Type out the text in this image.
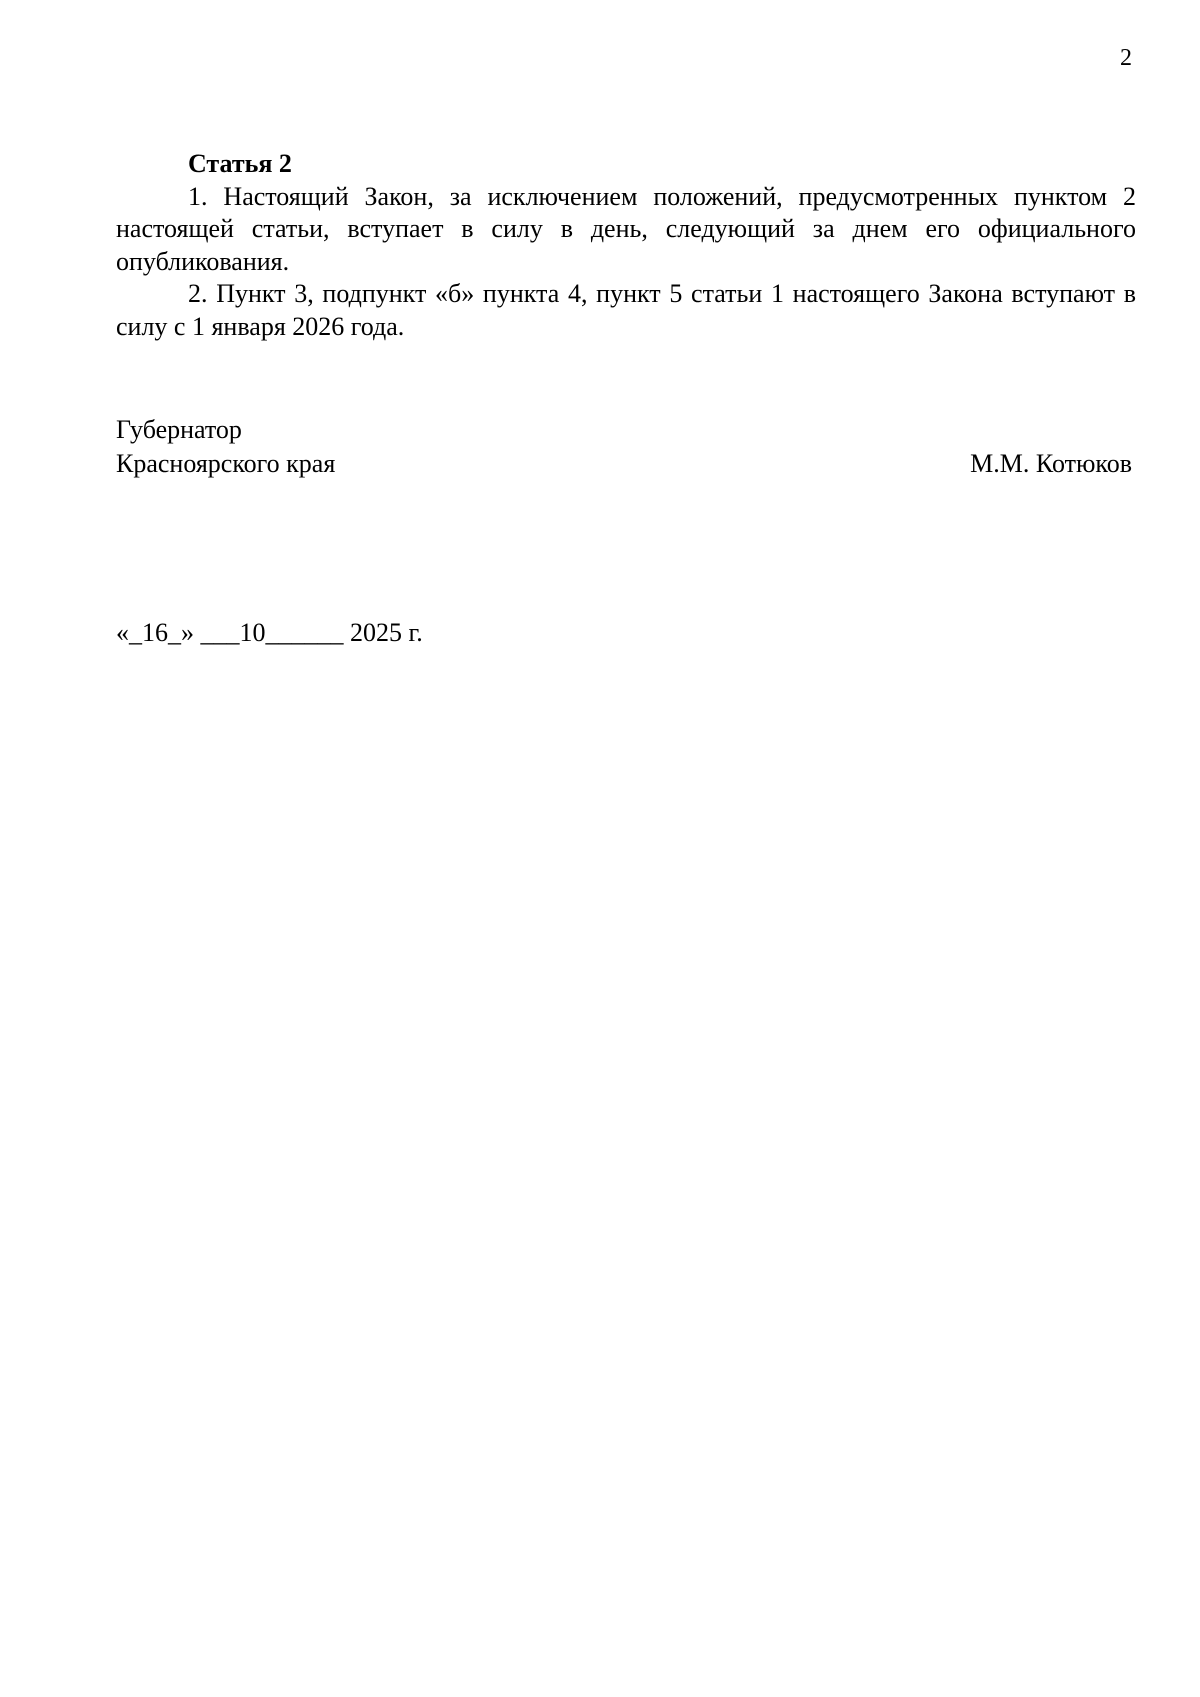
2

Статья 2

1. Настоящий Закон, за исключением положений, предусмотренных пунктом 2 настоящей статьи, вступает в силу в день, следующий за днем его официального опубликования.

2. Пункт 3, подпункт «б» пункта 4, пункт 5 статьи 1 настоящего Закона вступают в силу с 1 января 2026 года.

Губернатор
Красноярского края	М.М. Котюков
«_16_» ___10______ 2025 г.
